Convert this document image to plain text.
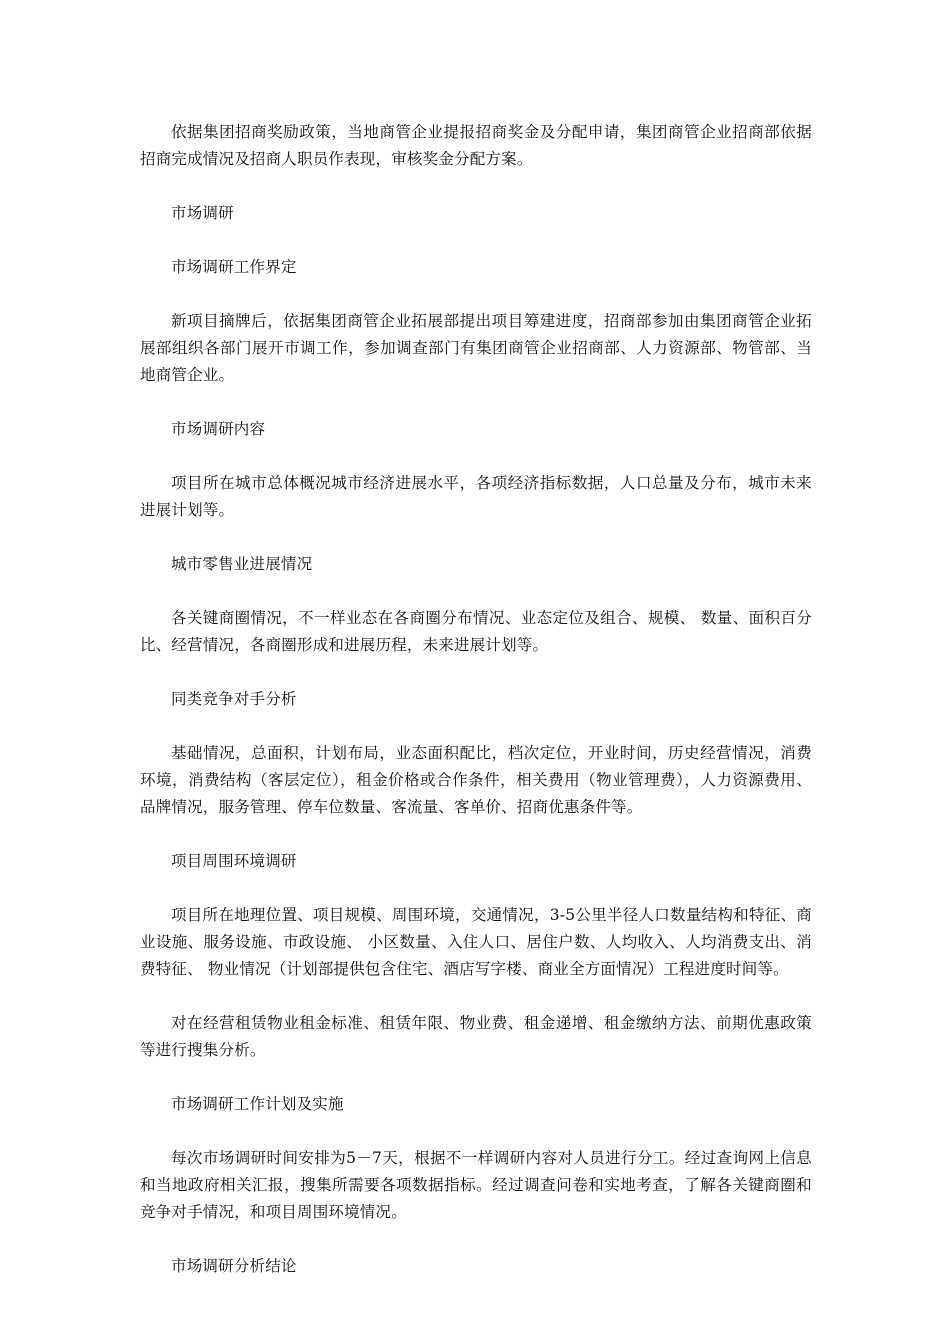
依据集团招商奖励政策，当地商管企业提报招商奖金及分配申请，集团商管企业招商部依据招商完成情况及招商人职员作表现，审核奖金分配方案。

市场调研

市场调研工作界定

新项目摘牌后，依据集团商管企业拓展部提出项目筹建进度，招商部参加由集团商管企业拓展部组织各部门展开市调工作，参加调查部门有集团商管企业招商部、人力资源部、物管部、当地商管企业。

市场调研内容

项目所在城市总体概况城市经济进展水平，各项经济指标数据，人口总量及分布，城市未来进展计划等。

城市零售业进展情况

各关键商圈情况，不一样业态在各商圈分布情况、业态定位及组合、规模、 数量、面积百分比、经营情况，各商圈形成和进展历程，未来进展计划等。

同类竞争对手分析

基础情况，总面积，计划布局，业态面积配比，档次定位，开业时间，历史经营情况，消费环境，消费结构（客层定位），租金价格或合作条件，相关费用（物业管理费），人力资源费用、品牌情况，服务管理、停车位数量、客流量、客单价、招商优惠条件等。

项目周围环境调研

项目所在地理位置、项目规模、周围环境，交通情况，3-5公里半径人口数量结构和特征、商业设施、服务设施、市政设施、 小区数量、入住人口、居住户数、人均收入、人均消费支出、消费特征、 物业情况（计划部提供包含住宅、酒店写字楼、商业全方面情况）工程进度时间等。

对在经营租赁物业租金标准、租赁年限、物业费、租金递增、租金缴纳方法、前期优惠政策等进行搜集分析。

市场调研工作计划及实施

每次市场调研时间安排为5－7天，根据不一样调研内容对人员进行分工。经过查询网上信息和当地政府相关汇报，搜集所需要各项数据指标。经过调查问卷和实地考查，了解各关键商圈和竞争对手情况，和项目周围环境情况。

市场调研分析结论
